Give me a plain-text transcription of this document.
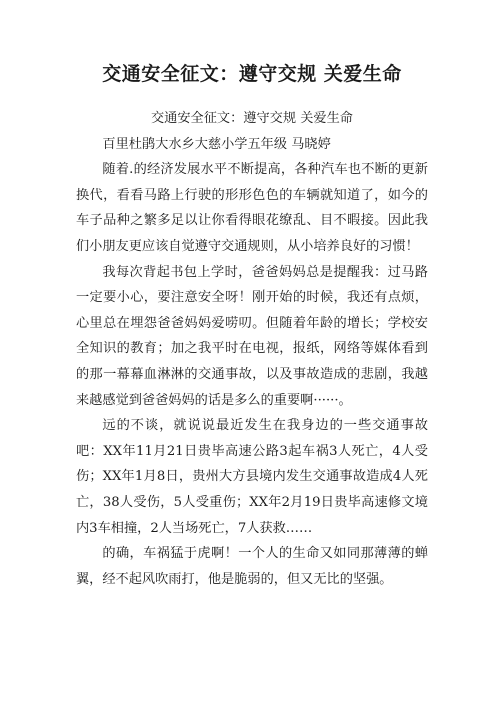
交通安全征文：遵守交规 关爱生命

交通安全征文：遵守交规 关爱生命

百里杜鹃大水乡大慈小学五年级 马晓婷

随着.的经济发展水平不断提高，各种汽车也不断的更新换代，看看马路上行驶的形形色色的车辆就知道了，如今的车子品种之繁多足以让你看得眼花缭乱、目不暇接。因此我们小朋友更应该自觉遵守交通规则，从小培养良好的习惯！

我每次背起书包上学时，爸爸妈妈总是提醒我：过马路一定要小心，要注意安全呀！刚开始的时候，我还有点烦，心里总在埋怨爸爸妈妈爱唠叨。但随着年龄的增长；学校安全知识的教育；加之我平时在电视，报纸，网络等媒体看到的那一幕幕血淋淋的交通事故，以及事故造成的悲剧，我越来越感觉到爸爸妈妈的话是多么的重要啊······。

远的不谈，就说说最近发生在我身边的一些交通事故吧：XX年11月21日贵毕高速公路3起车祸3人死亡，4人受伤；XX年1月8日，贵州大方县境内发生交通事故造成4人死亡，38人受伤，5人受重伤；XX年2月19日贵毕高速修文境内3车相撞，2人当场死亡，7人获救……

的确，车祸猛于虎啊！一个人的生命又如同那薄薄的蝉翼，经不起风吹雨打，他是脆弱的，但又无比的坚强。
